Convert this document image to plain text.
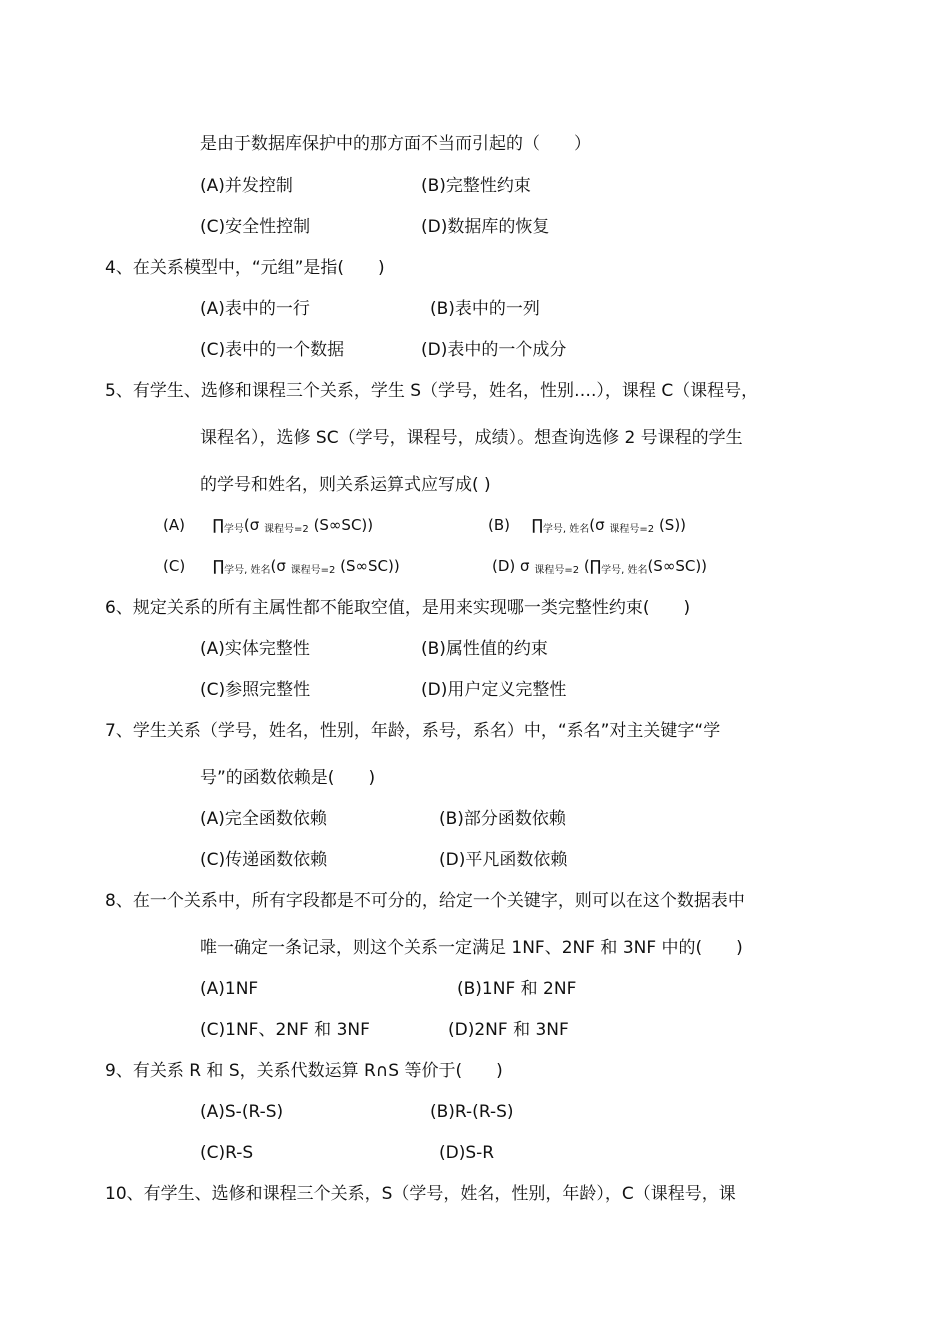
是由于数据库保护中的那方面不当而引起的（　　）
(A)并发控制	(B)完整性约束
(C)安全性控制	(D)数据库的恢复
4、在关系模型中，“元组”是指(　　)
(A)表中的一行	(B)表中的一列
(C)表中的一个数据	(D)表中的一个成分
5、有学生、选修和课程三个关系，学生 S（学号，姓名，性别….），课程 C（课程号，
课程名），选修 SC（学号，课程号，成绩）。想查询选修 2 号课程的学生
的学号和姓名，则关系运算式应写成( )
(A) $\prod_{学号}(\sigma$ $_{课程号=2}$ (S∞SC))	(B) $\prod_{学号, 姓名}(\sigma$ $_{课程号=2}$ (S))
(C) $\prod_{学号, 姓名}(\sigma$ $_{课程号=2}$ (S∞SC))	(D) σ $_{课程号=2}$ $(\prod_{学号, 姓名}(S\infty SC))$
6、规定关系的所有主属性都不能取空值，是用来实现哪一类完整性约束(　　)
(A)实体完整性	(B)属性值的约束
(C)参照完整性	(D)用户定义完整性
7、学生关系（学号，姓名，性别，年龄，系号，系名）中，“系名”对主关键字“学
号”的函数依赖是(　　)
(A)完全函数依赖	(B)部分函数依赖
(C)传递函数依赖	(D)平凡函数依赖
8、在一个关系中，所有字段都是不可分的，给定一个关键字，则可以在这个数据表中
唯一确定一条记录，则这个关系一定满足 1NF、2NF 和 3NF 中的(　　)
(A)1NF	(B)1NF 和 2NF
(C)1NF、2NF 和 3NF	(D)2NF 和 3NF
9、有关系 R 和 S，关系代数运算 R∩S 等价于(　　)
(A)S-(R-S)	(B)R-(R-S)
(C)R-S	(D)S-R
10、有学生、选修和课程三个关系，S（学号，姓名，性别，年龄），C（课程号，课
